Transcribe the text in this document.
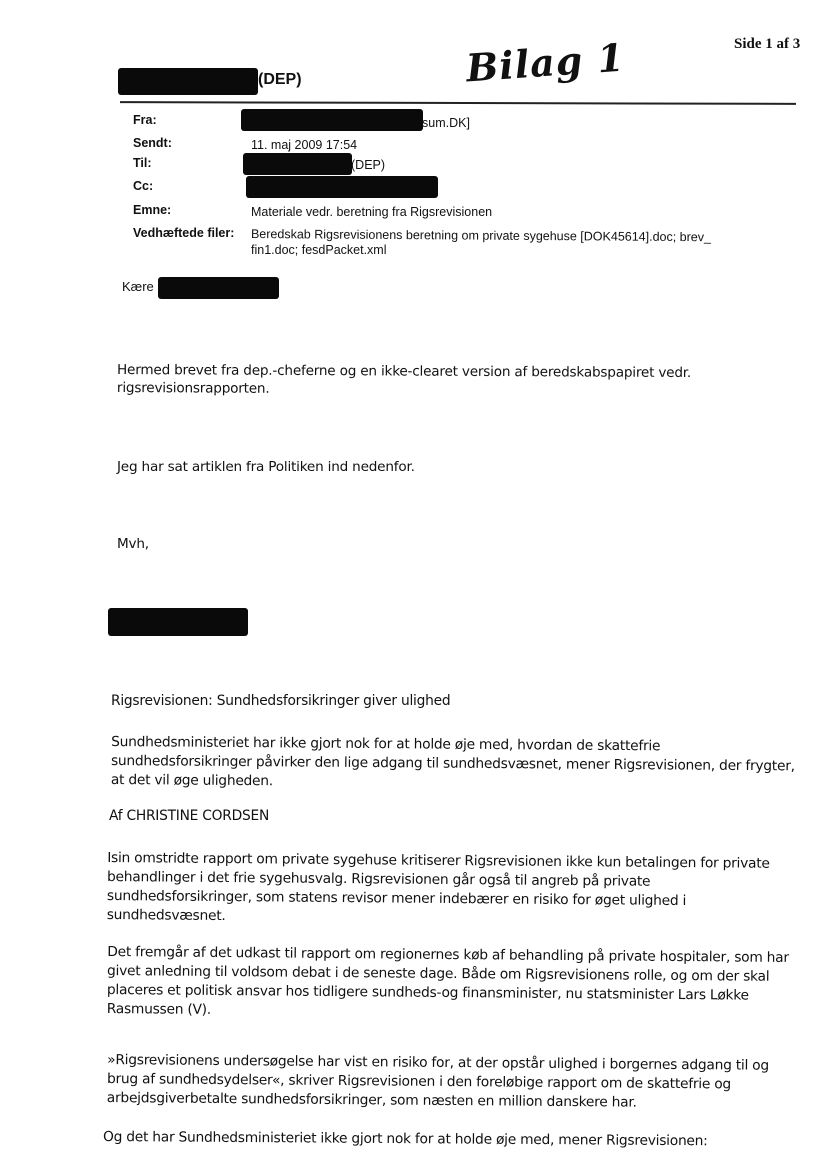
Side 1 af 3
Bilag 1
(DEP)
Fra:	sum.DK]
Sendt:	11. maj 2009 17:54
Til:	(DEP)
Cc:
Emne:	Materiale vedr. beretning fra Rigsrevisionen
Vedhæftede filer: Beredskab Rigsrevisionens beretning om private sygehuse [DOK45614].doc; brev_
fin1.doc; fesdPacket.xml
Kære
Hermed brevet fra dep.-cheferne og en ikke-clearet version af beredskabspapiret vedr. rigsrevisionsrapporten.
Jeg har sat artiklen fra Politiken ind nedenfor.
Mvh,
Rigsrevisionen: Sundhedsforsikringer giver ulighed

Sundhedsministeriet har ikke gjort nok for at holde øje med, hvordan de skattefrie sundhedsforsikringer påvirker den lige adgang til sundhedsvæsnet, mener Rigsrevisionen, der frygter, at det vil øge uligheden.

Af CHRISTINE CORDSEN

Isin omstridte rapport om private sygehuse kritiserer Rigsrevisionen ikke kun betalingen for private behandlinger i det frie sygehusvalg. Rigsrevisionen går også til angreb på private sundhedsforsikringer, som statens revisor mener indebærer en risiko for øget ulighed i sundhedsvæsnet.

Det fremgår af det udkast til rapport om regionernes køb af behandling på private hospitaler, som har givet anledning til voldsom debat i de seneste dage. Både om Rigsrevisionens rolle, og om der skal placeres et politisk ansvar hos tidligere sundheds-og finansminister, nu statsminister Lars Løkke Rasmussen (V).

»Rigsrevisionens undersøgelse har vist en risiko for, at der opstår ulighed i borgernes adgang til og brug af sundhedsydelser«, skriver Rigsrevisionen i den foreløbige rapport om de skattefrie og arbejdsgiverbetalte sundhedsforsikringer, som næsten en million danskere har.

Og det har Sundhedsministeriet ikke gjort nok for at holde øje med, mener Rigsrevisionen:
